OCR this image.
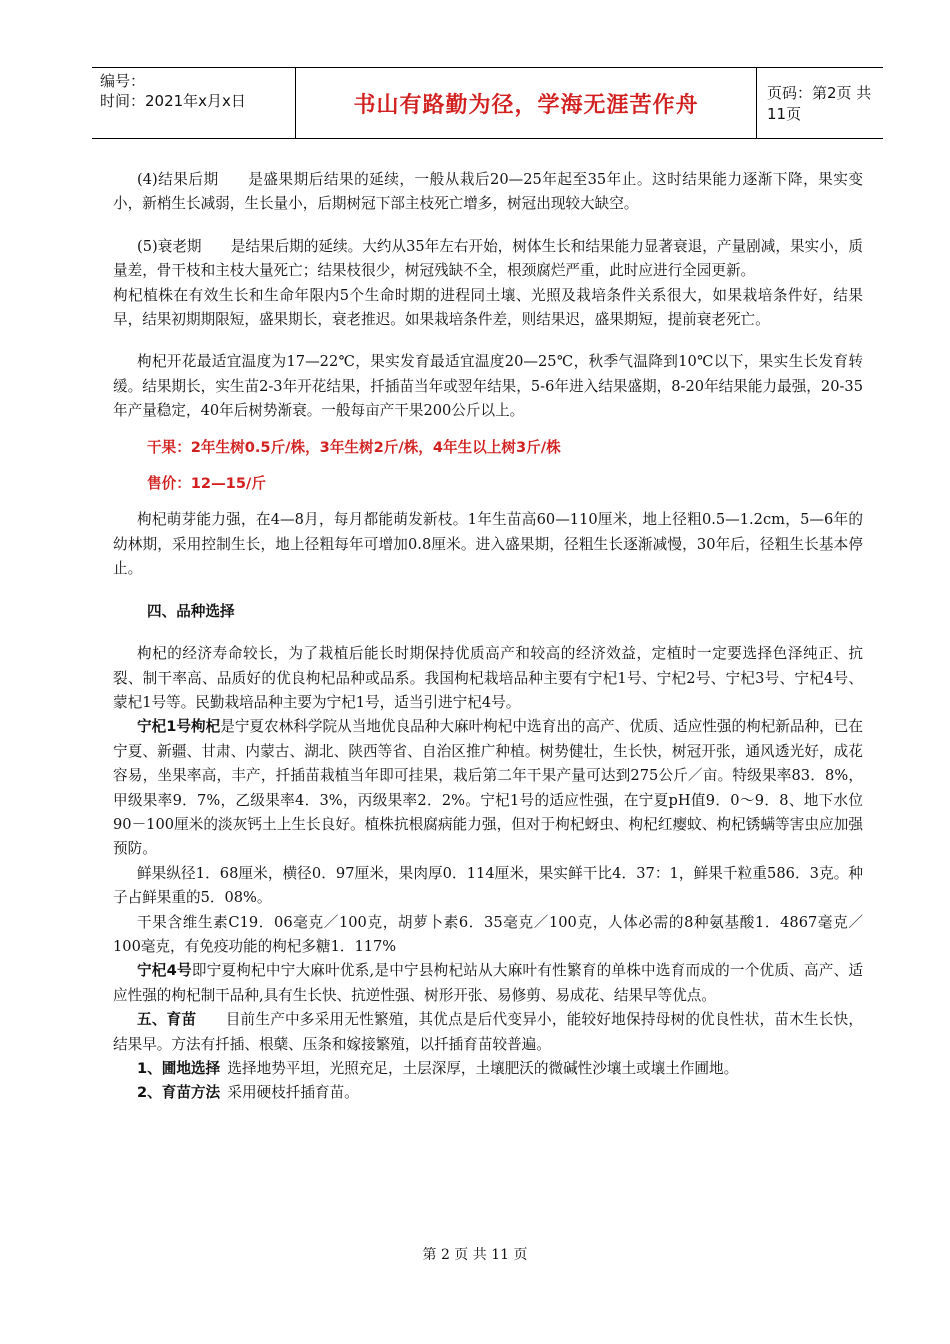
编号：
时间：2021年x月x日	书山有路勤为径，学海无涯苦作舟	页码：第2页 共11页

(4)结果后期   是盛果期后结果的延续，一般从栽后20—25年起至35年止。这时结果能力逐渐下降，果实变小，新梢生长减弱，生长量小，后期树冠下部主枝死亡增多，树冠出现较大缺空。

(5)衰老期   是结果后期的延续。大约从35年左右开始，树体生长和结果能力显著衰退，产量剧减，果实小，质量差，骨干枝和主枝大量死亡；结果枝很少，树冠残缺不全，根颈腐烂严重，此时应进行全园更新。

枸杞植株在有效生长和生命年限内5个生命时期的进程同土壤、光照及栽培条件关系很大，如果栽培条件好，结果早，结果初期期限短，盛果期长，衰老推迟。如果栽培条件差，则结果迟，盛果期短，提前衰老死亡。

枸杞开花最适宜温度为17—22℃，果实发育最适宜温度20—25℃，秋季气温降到10℃以下，果实生长发育转缓。结果期长，实生苗2-3年开花结果，扦插苗当年或翌年结果，5-6年进入结果盛期，8-20年结果能力最强，20-35年产量稳定，40年后树势渐衰。一般每亩产干果200公斤以上。

干果：2年生树0.5斤/株，3年生树2斤/株，4年生以上树3斤/株
售价：12—15/斤

枸杞萌芽能力强，在4—8月，每月都能萌发新枝。1年生苗高60—110厘米，地上径粗0.5—1.2cm，5—6年的幼林期，采用控制生长，地上径粗每年可增加0.8厘米。进入盛果期，径粗生长逐渐减慢，30年后，径粗生长基本停止。

四、品种选择

枸杞的经济寿命较长，为了栽植后能长时期保持优质高产和较高的经济效益，定植时一定要选择色泽纯正、抗裂、制干率高、品质好的优良枸杞品种或品系。我国枸杞栽培品种主要有宁杞1号、宁杞2号、宁杞3号、宁杞4号、蒙杞1号等。民勤栽培品种主要为宁杞1号，适当引进宁杞4号。

宁杞1号枸杞是宁夏农林科学院从当地优良品种大麻叶枸杞中选育出的高产、优质、适应性强的枸杞新品种，已在宁夏、新疆、甘肃、内蒙古、湖北、陕西等省、自治区推广种植。树势健壮，生长快，树冠开张，通风透光好，成花容易，坐果率高，丰产，扦插苗栽植当年即可挂果，栽后第二年干果产量可达到275公斤／亩。特级果率83．8%，甲级果率9．7%，乙级果率4．3%，丙级果率2．2%。宁杞1号的适应性强，在宁夏pH值9．0～9．8、地下水位90－100厘米的淡灰钙土上生长良好。植株抗根腐病能力强，但对于枸杞蚜虫、枸杞红瘿蚊、枸杞锈螨等害虫应加强预防。

鲜果纵径1．68厘米，横径0．97厘米，果肉厚0．114厘米，果实鲜干比4．37：1，鲜果千粒重586．3克。种子占鲜果重的5．08%。

干果含维生素C19．06毫克／100克，胡萝卜素6．35毫克／100克，人体必需的8种氨基酸1．4867毫克／100毫克，有免疫功能的枸杞多糖1．117%

宁杞4号即宁夏枸杞中宁大麻叶优系,是中宁县枸杞站从大麻叶有性繁育的单株中选育而成的一个优质、高产、适应性强的枸杞制干品种,具有生长快、抗逆性强、树形开张、易修剪、易成花、结果早等优点。

五、育苗   目前生产中多采用无性繁殖，其优点是后代变异小，能较好地保持母树的优良性状，苗木生长快，结果早。方法有扦插、根蘖、压条和嫁接繁殖，以扦插育苗较普遍。

1、圃地选择  选择地势平坦，光照充足，土层深厚，土壤肥沃的微碱性沙壤土或壤土作圃地。

2、育苗方法  采用硬枝扦插育苗。

第 2 页 共 11 页
